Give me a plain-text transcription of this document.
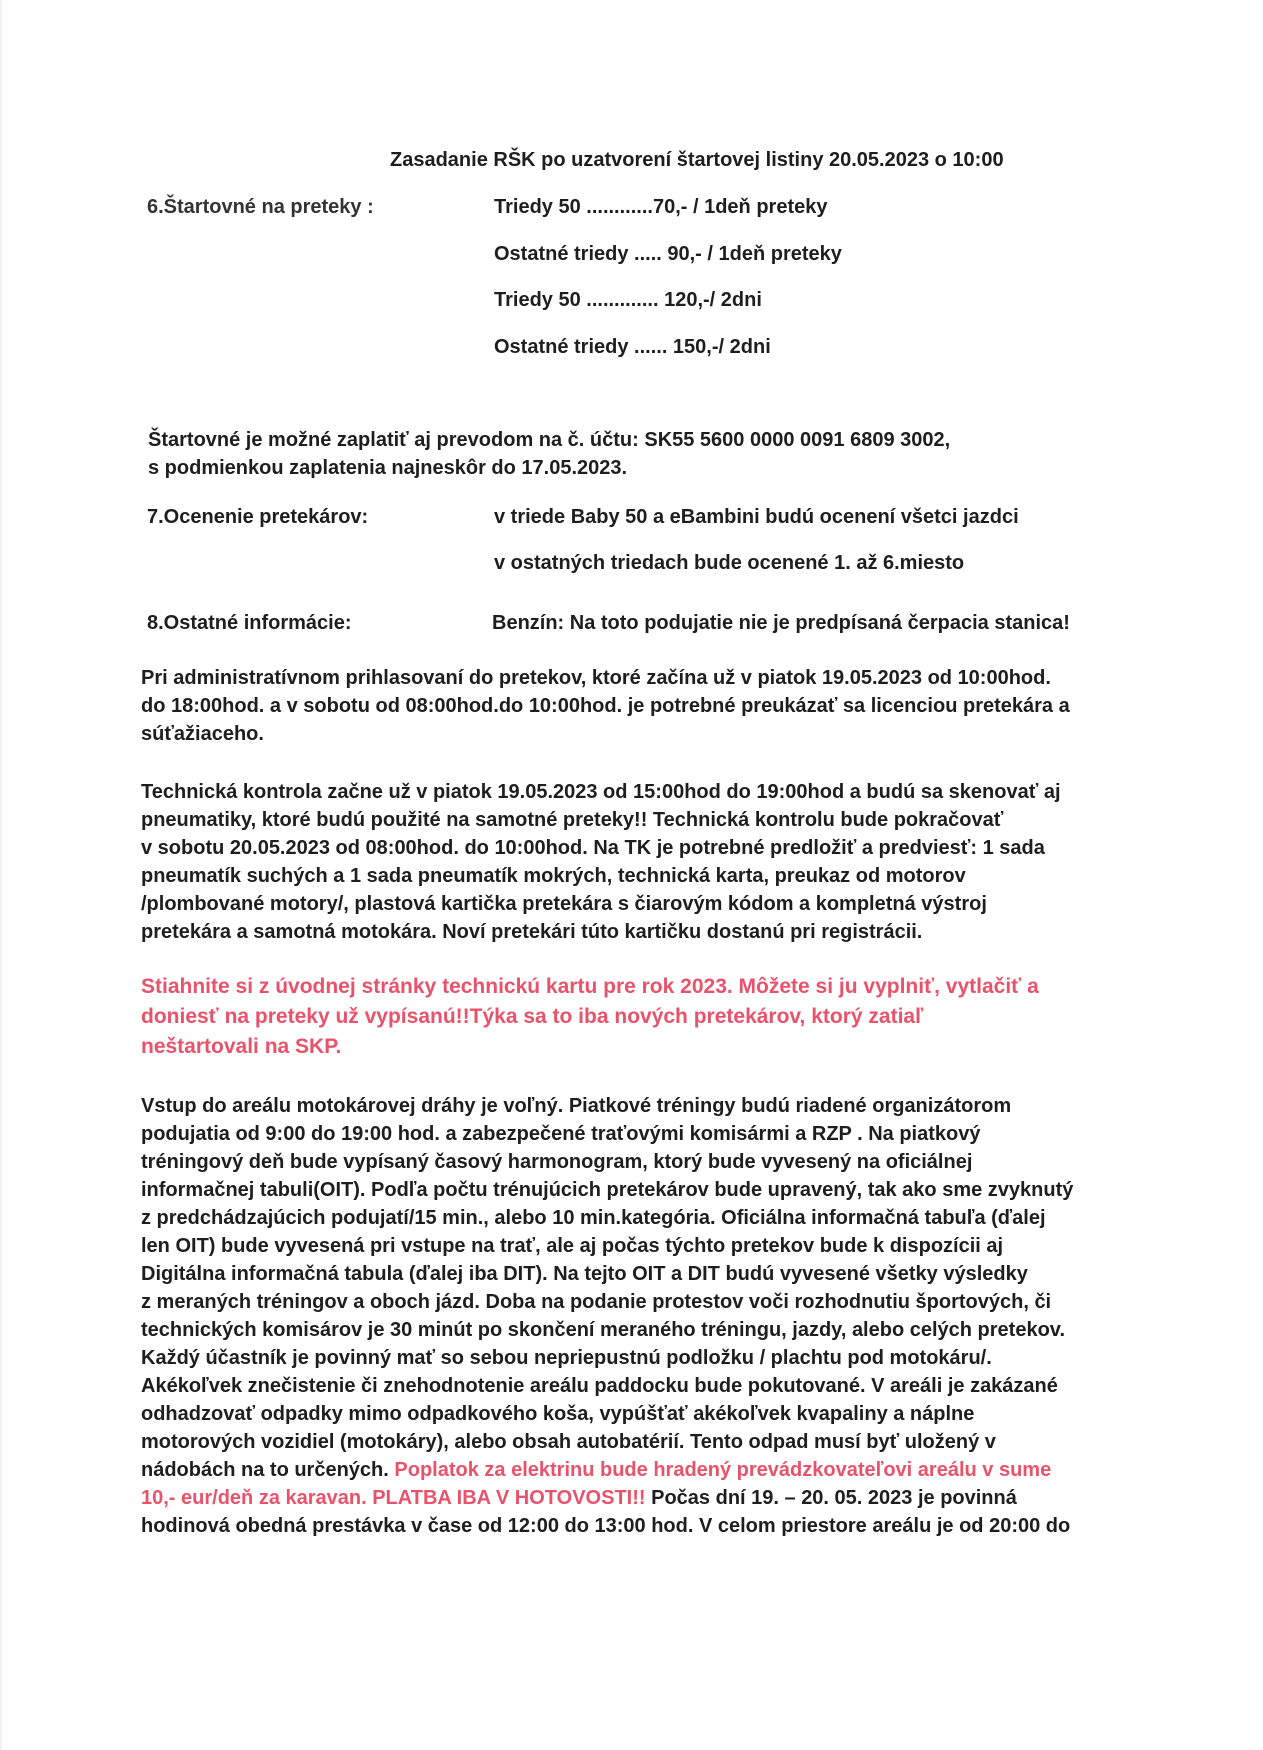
Zasadanie RŠK po uzatvorení štartovej listiny 20.05.2023 o 10:00
6.Štartovné na preteky :	Triedy 50 ............70,- / 1deň preteky
Ostatné triedy ..... 90,- / 1deň preteky
Triedy 50 ............. 120,-/ 2dni
Ostatné triedy ...... 150,-/ 2dni
Štartovné je možné zaplatiť aj prevodom na č. účtu: SK55 5600 0000 0091 6809 3002,
s podmienkou zaplatenia najneskôr do 17.05.2023.
7.Ocenenie pretekárov:	v triede Baby 50 a eBambini budú ocenení všetci jazdci
v ostatných triedach bude ocenené 1. až 6.miesto
8.Ostatné informácie:	Benzín: Na toto podujatie nie je predpísaná čerpacia stanica!
Pri administratívnom prihlasovaní do pretekov, ktoré začína už v piatok 19.05.2023 od 10:00hod.
do 18:00hod. a v sobotu od 08:00hod.do 10:00hod. je potrebné preukázať sa licenciou pretekára a
súťažiaceho.
Technická kontrola začne už v piatok 19.05.2023 od 15:00hod do 19:00hod a budú sa skenovať aj
pneumatiky, ktoré budú použité na samotné preteky!! Technická kontrolu bude pokračovať
v sobotu 20.05.2023 od 08:00hod. do 10:00hod. Na TK je potrebné predložiť a predviesť: 1 sada
pneumatík suchých a 1 sada pneumatík mokrých, technická karta, preukaz od motorov
/plombované motory/, plastová kartička pretekára s čiarovým kódom a kompletná výstroj
pretekára a samotná motokára. Noví pretekári túto kartičku dostanú pri registrácii.
Stiahnite si z úvodnej stránky technickú kartu pre rok 2023. Môžete si ju vyplniť, vytlačiť a
doniesť na preteky už vypísanú!!Týka sa to iba nových pretekárov, ktorý zatiaľ
neštartovali na SKP.
Vstup do areálu motokárovej dráhy je voľný. Piatkové tréningy budú riadené organizátorom
podujatia od 9:00 do 19:00 hod. a zabezpečené traťovými komisármi a RZP . Na piatkový
tréningový deň bude vypísaný časový harmonogram, ktorý bude vyvesený na oficiálnej
informačnej tabuli(OIT). Podľa počtu trénujúcich pretekárov bude upravený, tak ako sme zvyknutý
z predchádzajúcich podujatí/15 min., alebo 10 min.kategória. Oficiálna informačná tabuľa (ďalej
len OIT) bude vyvesená pri vstupe na trať, ale aj počas týchto pretekov bude k dispozícii aj
Digitálna informačná tabula (ďalej iba DIT). Na tejto OIT a DIT budú vyvesené všetky výsledky
z meraných tréningov a oboch jázd. Doba na podanie protestov voči rozhodnutiu športových, či
technických komisárov je 30 minút po skončení meraného tréningu, jazdy, alebo celých pretekov.
Každý účastník je povinný mať so sebou nepriepustnú podložku / plachtu pod motokáru/.
Akékoľvek znečistenie či znehodnotenie areálu paddocku bude pokutované. V areáli je zakázané
odhadzovať odpadky mimo odpadkového koša, vypúšťať akékoľvek kvapaliny a náplne
motorových vozidiel (motokáry), alebo obsah autobatérií. Tento odpad musí byť uložený v
nádobách na to určených. Poplatok za elektrinu bude hradený prevádzkovateľovi areálu v sume
10,- eur/deň za karavan. PLATBA IBA V HOTOVOSTI!! Počas dní 19. – 20. 05. 2023 je povinná
hodinová obedná prestávka v čase od 12:00 do 13:00 hod. V celom priestore areálu je od 20:00 do
